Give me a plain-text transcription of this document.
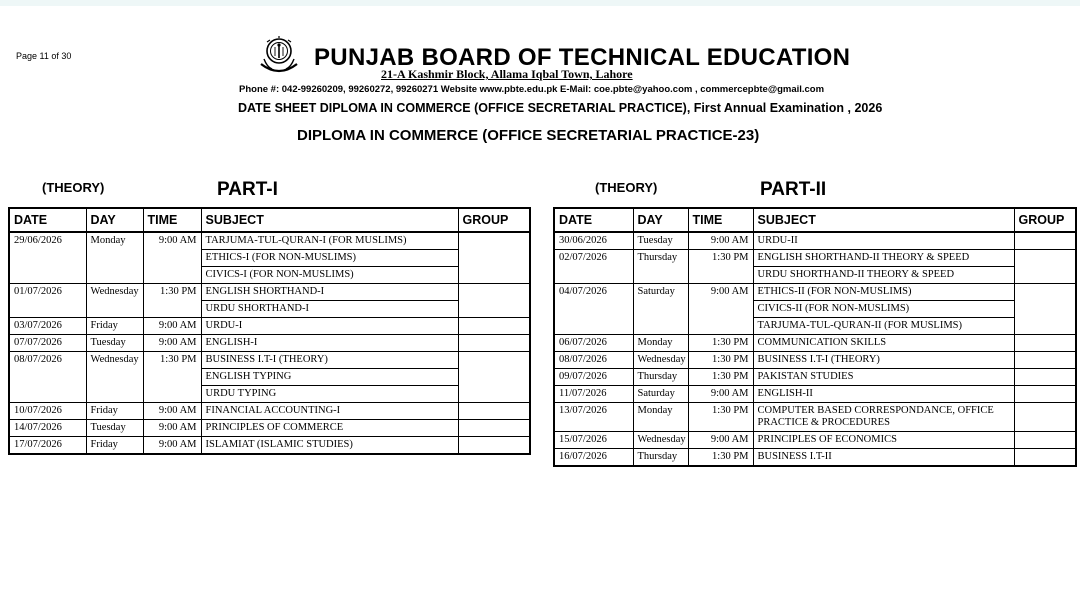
Page 11 of 30	PUNJAB BOARD OF TECHNICAL EDUCATION
21-A Kashmir Block, Allama Iqbal Town, Lahore
Phone #: 042-99260209, 99260272, 99260271 Website www.pbte.edu.pk E-Mail: coe.pbte@yahoo.com , commercepbte@gmail.com
DATE SHEET DIPLOMA IN COMMERCE (OFFICE SECRETARIAL PRACTICE), First Annual Examination , 2026
DIPLOMA IN COMMERCE (OFFICE SECRETARIAL PRACTICE-23)
(THEORY)	PART-I	(THEORY)	PART-II
DATE	DAY	TIME	SUBJECT	GROUP
29/06/2026	Monday	9:00 AM	TARJUMA-TUL-QURAN-I (FOR MUSLIMS)	
			ETHICS-I (FOR NON-MUSLIMS)	
			CIVICS-I (FOR NON-MUSLIMS)	
01/07/2026	Wednesday	1:30 PM	ENGLISH SHORTHAND-I	
			URDU SHORTHAND-I	
03/07/2026	Friday	9:00 AM	URDU-I	
07/07/2026	Tuesday	9:00 AM	ENGLISH-I	
08/07/2026	Wednesday	1:30 PM	BUSINESS I.T-I (THEORY)	
			ENGLISH TYPING	
			URDU TYPING	
10/07/2026	Friday	9:00 AM	FINANCIAL ACCOUNTING-I	
14/07/2026	Tuesday	9:00 AM	PRINCIPLES OF COMMERCE	
17/07/2026	Friday	9:00 AM	ISLAMIAT (ISLAMIC STUDIES)	
DATE	DAY	TIME	SUBJECT	GROUP
30/06/2026	Tuesday	9:00 AM	URDU-II	
02/07/2026	Thursday	1:30 PM	ENGLISH SHORTHAND-II THEORY & SPEED	
			URDU SHORTHAND-II THEORY & SPEED	
04/07/2026	Saturday	9:00 AM	ETHICS-II (FOR NON-MUSLIMS)	
			CIVICS-II (FOR NON-MUSLIMS)	
			TARJUMA-TUL-QURAN-II (FOR MUSLIMS)	
06/07/2026	Monday	1:30 PM	COMMUNICATION SKILLS	
08/07/2026	Wednesday	1:30 PM	BUSINESS I.T-I (THEORY)	
09/07/2026	Thursday	1:30 PM	PAKISTAN STUDIES	
11/07/2026	Saturday	9:00 AM	ENGLISH-II	
13/07/2026	Monday	1:30 PM	COMPUTER BASED CORRESPONDANCE, OFFICE PRACTICE & PROCEDURES	
15/07/2026	Wednesday	9:00 AM	PRINCIPLES OF ECONOMICS	
16/07/2026	Thursday	1:30 PM	BUSINESS I.T-II	
